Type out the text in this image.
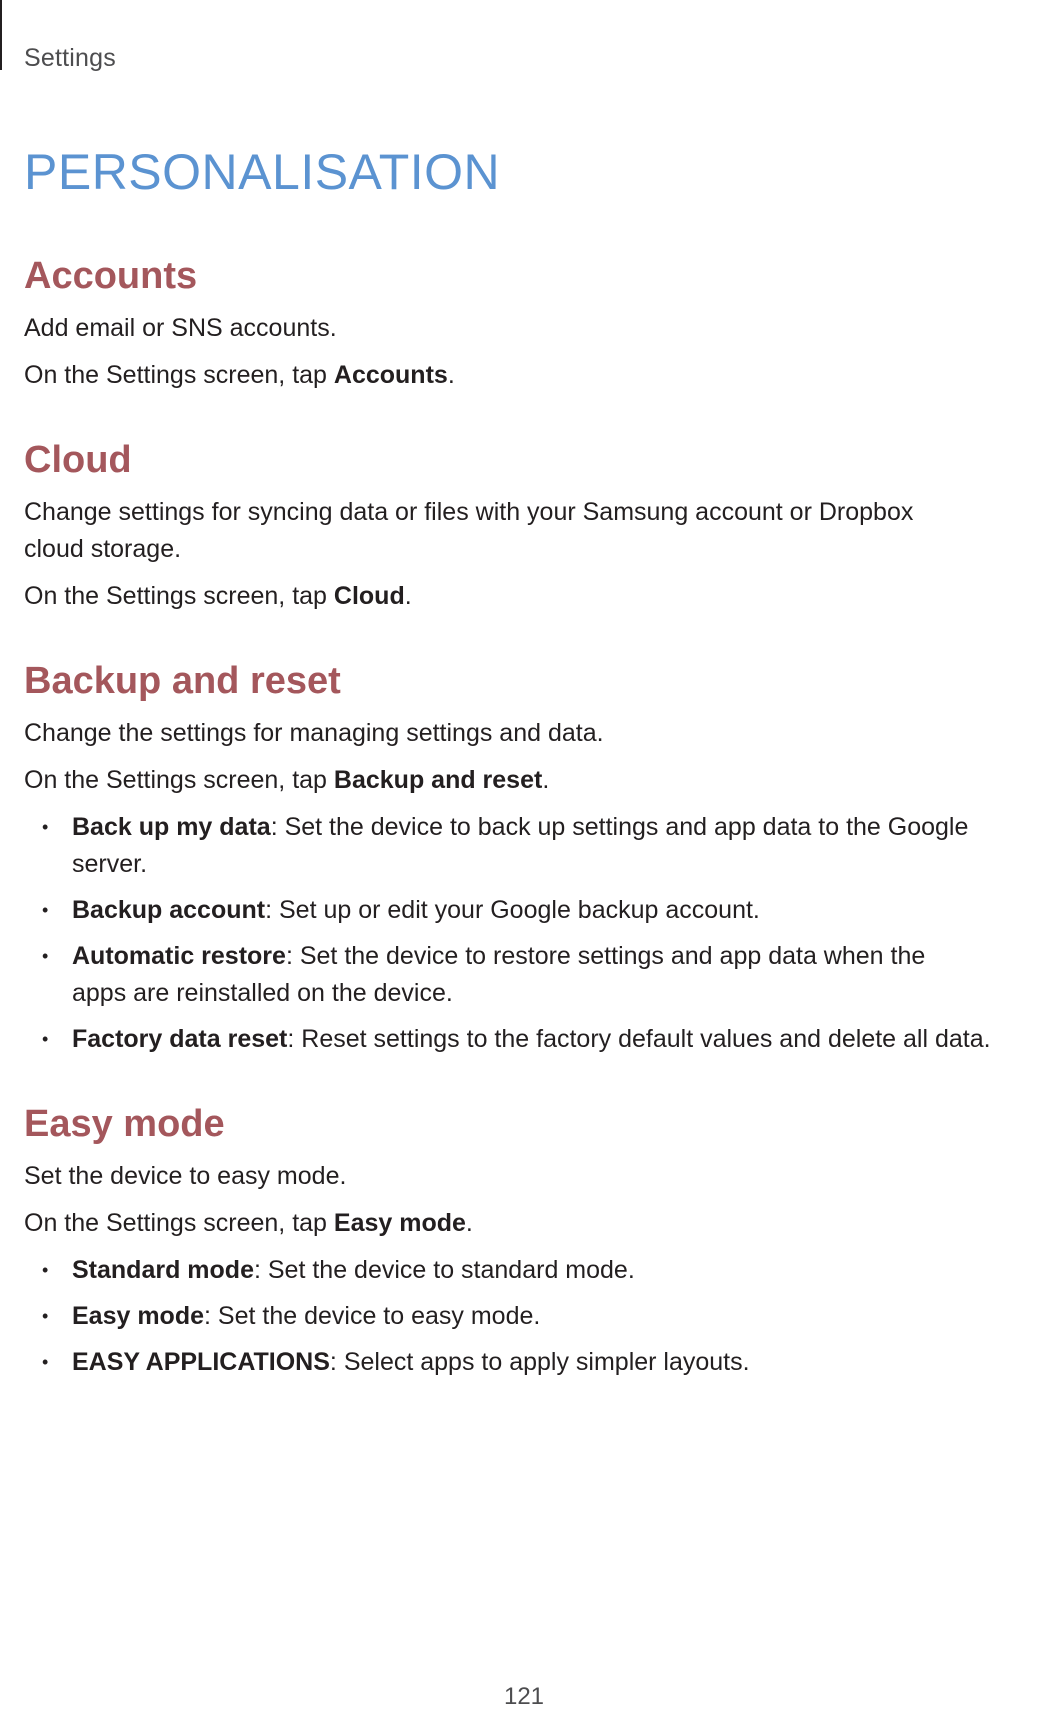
Settings
PERSONALISATION
Accounts

Add email or SNS accounts.

On the Settings screen, tap Accounts.

Cloud

Change settings for syncing data or files with your Samsung account or Dropbox cloud storage.

On the Settings screen, tap Cloud.

Backup and reset

Change the settings for managing settings and data.

On the Settings screen, tap Backup and reset.

• Back up my data: Set the device to back up settings and app data to the Google server.
• Backup account: Set up or edit your Google backup account.
• Automatic restore: Set the device to restore settings and app data when the apps are reinstalled on the device.
• Factory data reset: Reset settings to the factory default values and delete all data.
Easy mode

Set the device to easy mode.

On the Settings screen, tap Easy mode.

• Standard mode: Set the device to standard mode.
• Easy mode: Set the device to easy mode.
• EASY APPLICATIONS: Select apps to apply simpler layouts.
121
